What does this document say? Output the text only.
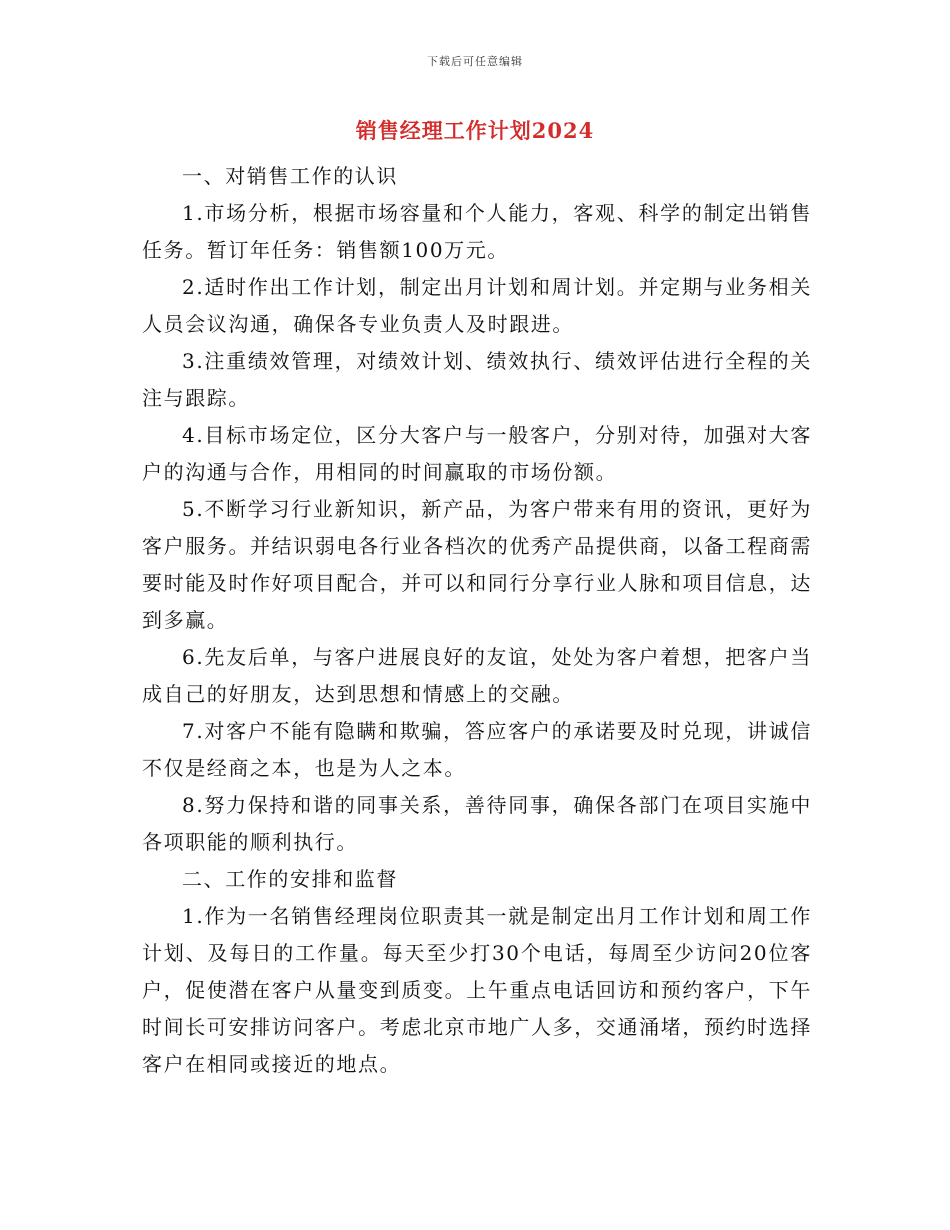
下载后可任意编辑
销售经理工作计划2024

一、对销售工作的认识

1.市场分析，根据市场容量和个人能力，客观、科学的制定出销售任务。暂订年任务：销售额100万元。

2.适时作出工作计划，制定出月计划和周计划。并定期与业务相关人员会议沟通，确保各专业负责人及时跟进。

3.注重绩效管理，对绩效计划、绩效执行、绩效评估进行全程的关注与跟踪。

4.目标市场定位，区分大客户与一般客户，分别对待，加强对大客户的沟通与合作，用相同的时间赢取的市场份额。

5.不断学习行业新知识，新产品，为客户带来有用的资讯，更好为客户服务。并结识弱电各行业各档次的优秀产品提供商，以备工程商需要时能及时作好项目配合，并可以和同行分享行业人脉和项目信息，达到多赢。

6.先友后单，与客户进展良好的友谊，处处为客户着想，把客户当成自己的好朋友，达到思想和情感上的交融。

7.对客户不能有隐瞒和欺骗，答应客户的承诺要及时兑现，讲诚信不仅是经商之本，也是为人之本。

8.努力保持和谐的同事关系，善待同事，确保各部门在项目实施中各项职能的顺利执行。

二、工作的安排和监督

1.作为一名销售经理岗位职责其一就是制定出月工作计划和周工作计划、及每日的工作量。每天至少打30个电话，每周至少访问20位客户，促使潜在客户从量变到质变。上午重点电话回访和预约客户，下午时间长可安排访问客户。考虑北京市地广人多，交通涌堵，预约时选择客户在相同或接近的地点。
